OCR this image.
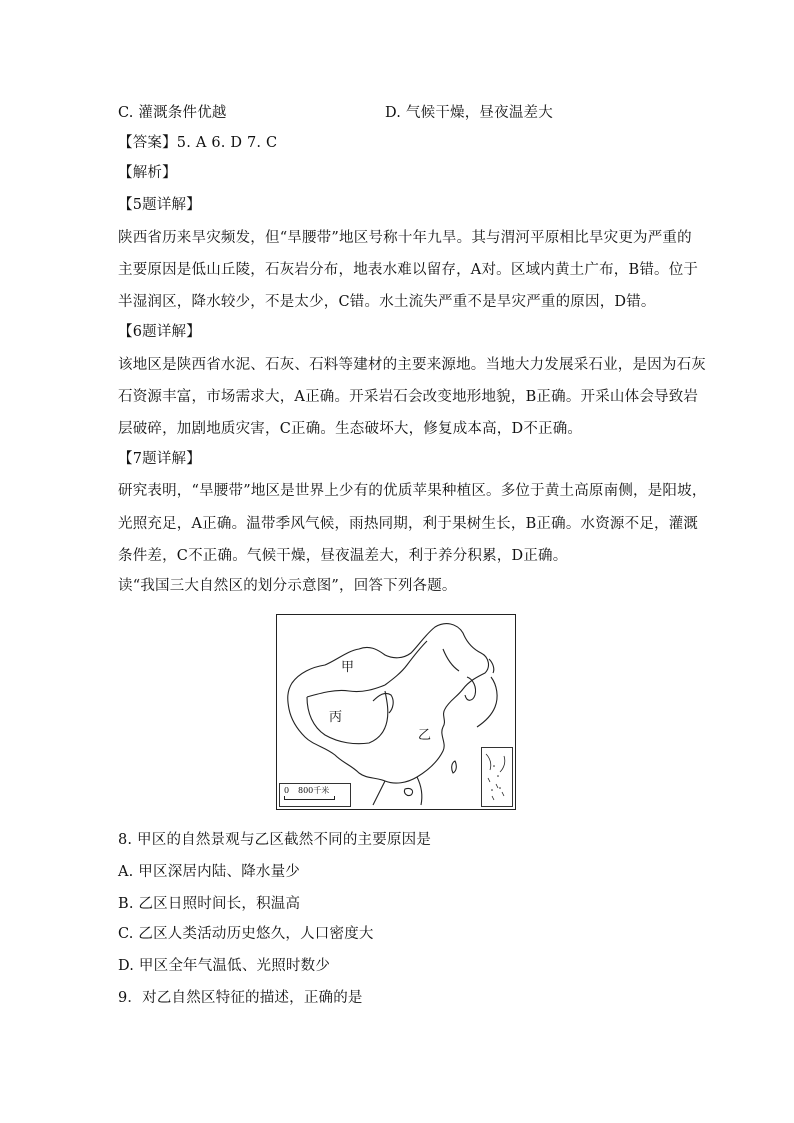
C. 灌溉条件优越	D. 气候干燥，昼夜温差大
【答案】5. A 6. D 7. C
【解析】
【5题详解】
陕西省历来旱灾频发，但“旱腰带”地区号称十年九旱。其与渭河平原相比旱灾更为严重的
主要原因是低山丘陵，石灰岩分布，地表水难以留存，A对。区域内黄土广布，B错。位于
半湿润区，降水较少，不是太少，C错。水土流失严重不是旱灾严重的原因，D错。
【6题详解】
该地区是陕西省水泥、石灰、石料等建材的主要来源地。当地大力发展采石业，是因为石灰
石资源丰富，市场需求大，A正确。开采岩石会改变地形地貌，B正确。开采山体会导致岩
层破碎，加剧地质灾害，C正确。生态破坏大，修复成本高，D不正确。
【7题详解】
研究表明，“旱腰带”地区是世界上少有的优质苹果种植区。多位于黄土高原南侧，是阳坡，
光照充足，A正确。温带季风气候，雨热同期，利于果树生长，B正确。水资源不足，灌溉
条件差，C不正确。气候干燥，昼夜温差大，利于养分积累，D正确。
读“我国三大自然区的划分示意图”，回答下列各题。
甲
丙
乙
0 800千米
8. 甲区的自然景观与乙区截然不同的主要原因是
A. 甲区深居内陆、降水量少
B. 乙区日照时间长，积温高
C. 乙区人类活动历史悠久，人口密度大
D. 甲区全年气温低、光照时数少
9．对乙自然区特征的描述，正确的是
